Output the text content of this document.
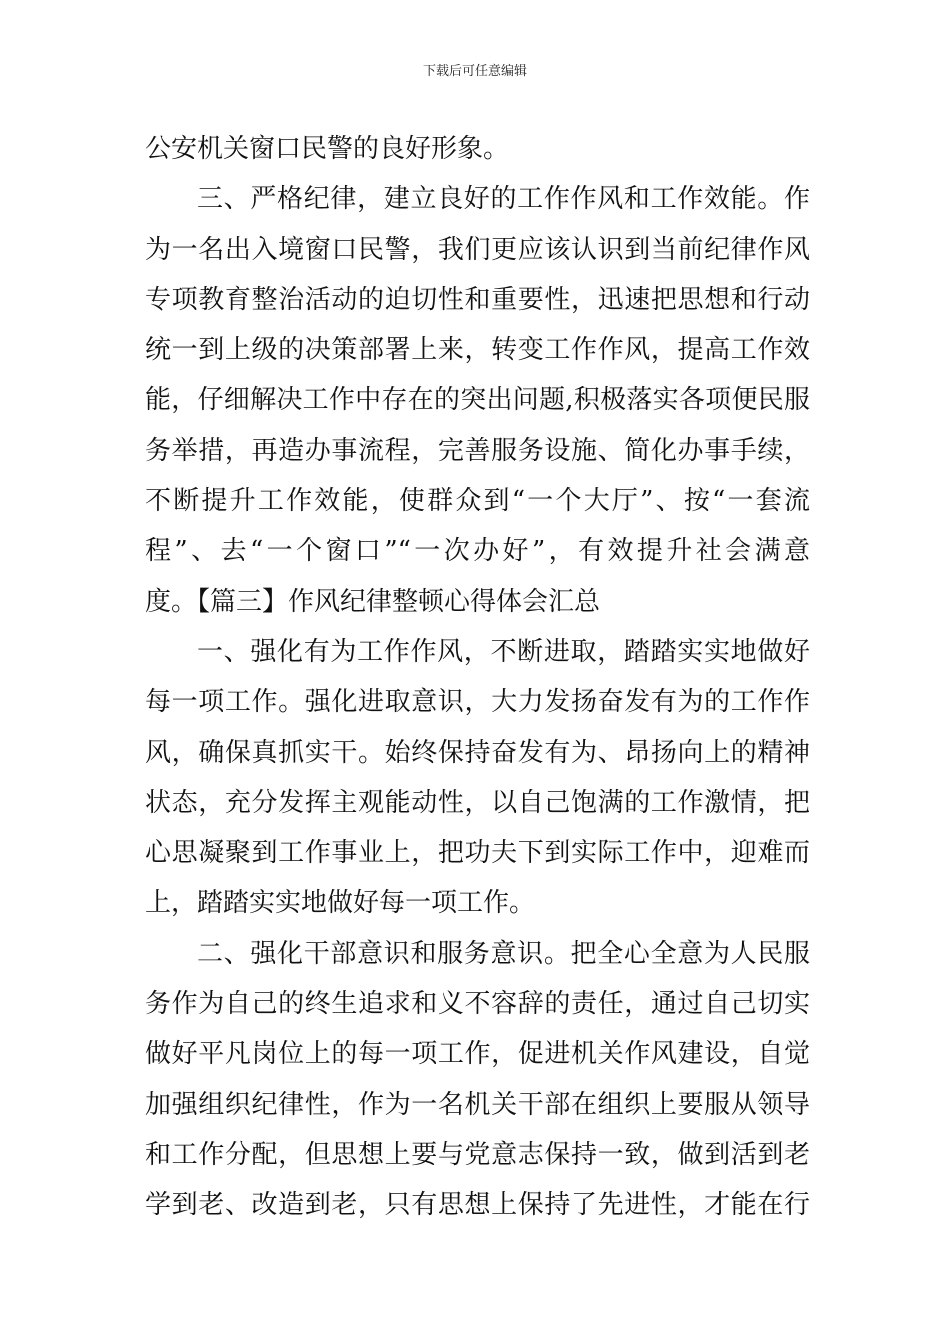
下载后可任意编辑
公安机关窗口民警的良好形象。
三、严格纪律，建立良好的工作作风和工作效能。作
为一名出入境窗口民警，我们更应该认识到当前纪律作风
专项教育整治活动的迫切性和重要性，迅速把思想和行动
统一到上级的决策部署上来，转变工作作风，提高工作效
能，仔细解决工作中存在的突出问题,积极落实各项便民服
务举措，再造办事流程，完善服务设施、简化办事手续，
不断提升工作效能，使群众到“一个大厅”、按“一套流
程”、去“一个窗口”“一次办好”，有效提升社会满意
度。【篇三】作风纪律整顿心得体会汇总
一、强化有为工作作风，不断进取，踏踏实实地做好
每一项工作。强化进取意识，大力发扬奋发有为的工作作
风，确保真抓实干。始终保持奋发有为、昂扬向上的精神
状态，充分发挥主观能动性，以自己饱满的工作激情，把
心思凝聚到工作事业上，把功夫下到实际工作中，迎难而
上，踏踏实实地做好每一项工作。
二、强化干部意识和服务意识。把全心全意为人民服
务作为自己的终生追求和义不容辞的责任，通过自己切实
做好平凡岗位上的每一项工作，促进机关作风建设，自觉
加强组织纪律性，作为一名机关干部在组织上要服从领导
和工作分配，但思想上要与党意志保持一致，做到活到老
学到老、改造到老，只有思想上保持了先进性，才能在行
